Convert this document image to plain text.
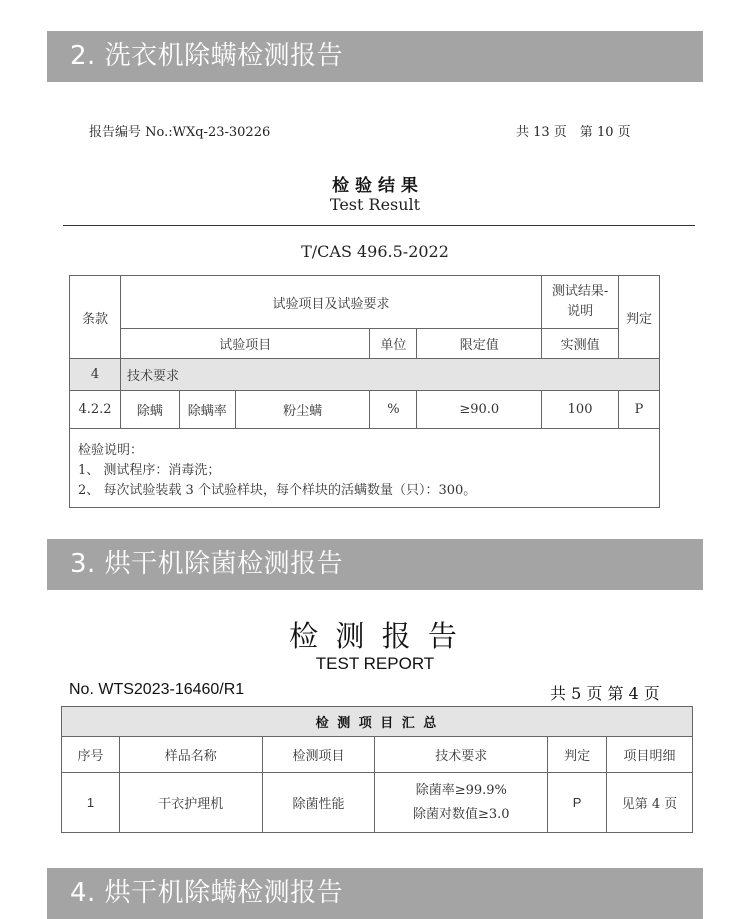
2. 洗衣机除螨检测报告
报告编号 No.:WXq-23-30226	共 13 页　第 10 页
检 验 结 果
Test Result
T/CAS 496.5-2022
条款	试验项目及试验要求					测试结果-
说明	判定
	试验项目			单位	限定值	实测值	
4	技术要求						
4.2.2	除螨	除螨率	粉尘螨	%	≥90.0	100	P

检验说明：
1、 测试程序：消毒洗；
2、 每次试验装载 3 个试验样块，每个样块的活螨数量（只）：300。							
3. 烘干机除菌检测报告
检 测 报 告
TEST REPORT
No. WTS2023-16460/R1	共 5 页 第 4 页
检 测 项 目 汇 总					
序号	样品名称	检测项目	技术要求	判定	项目明细
1	干衣护理机	除菌性能	除菌率≥99.9%
除菌对数值≥3.0	P	见第 4 页
4. 烘干机除螨检测报告
